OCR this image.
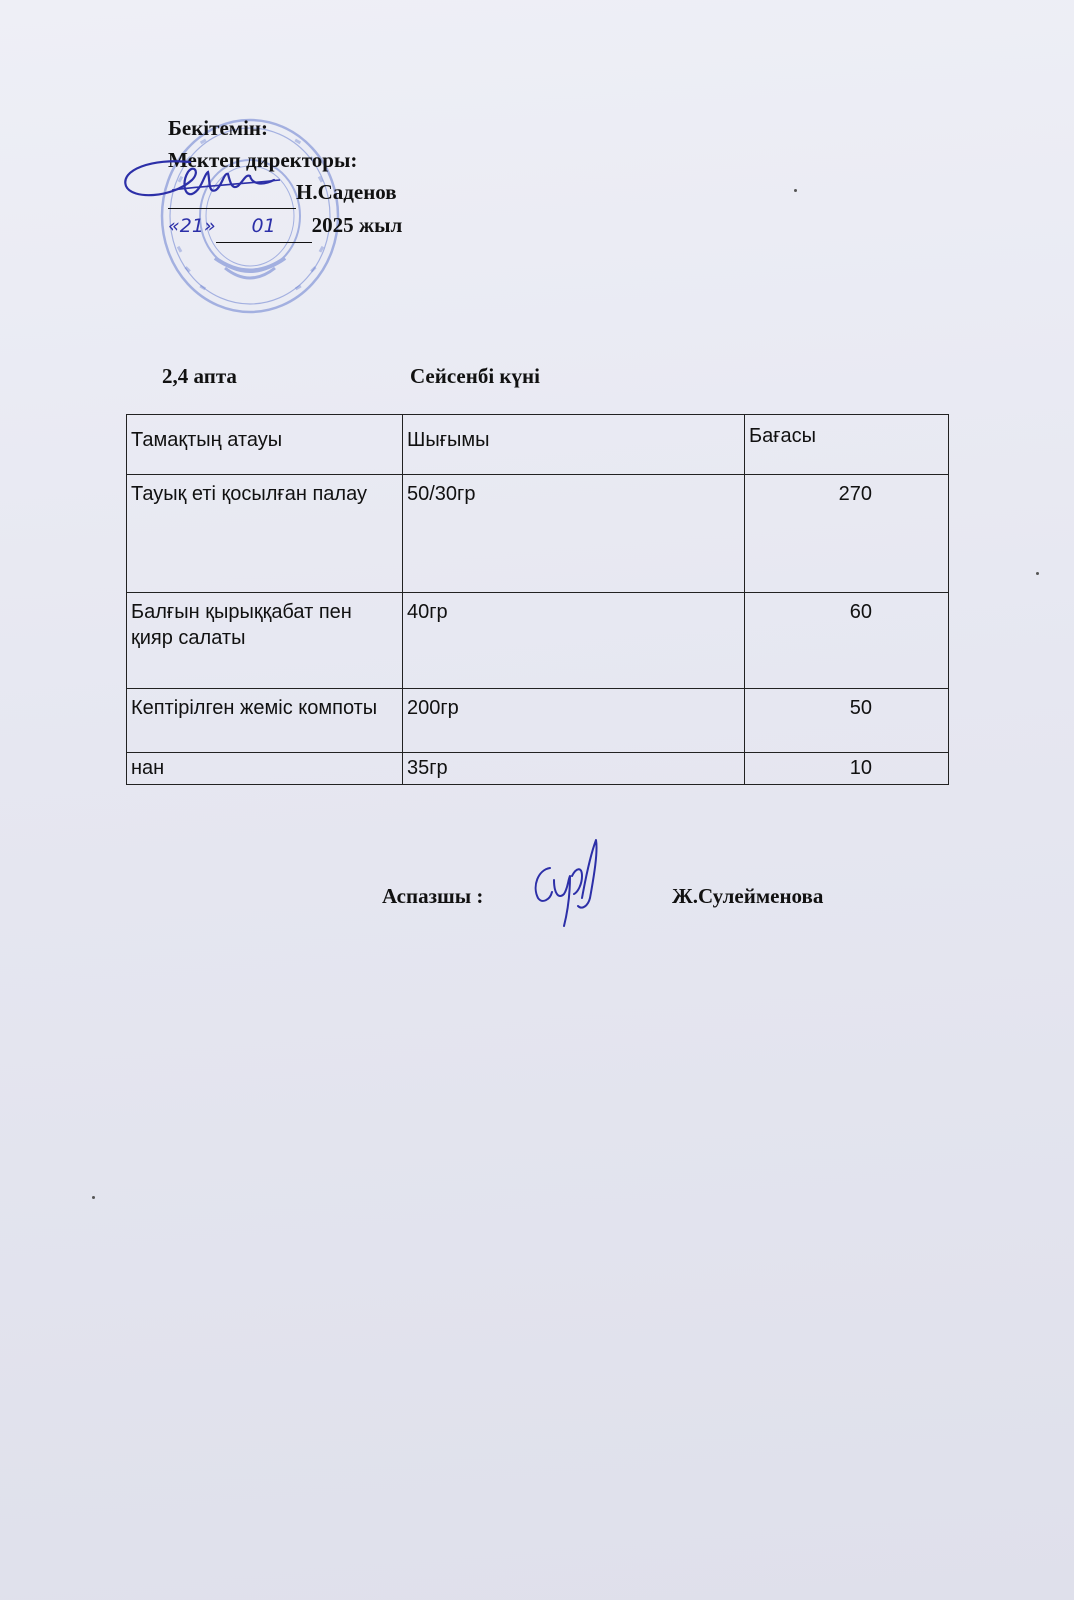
Бекітемін:
Мектеп директоры:
Н.Саденов
«21» 01 2025 жыл
2,4 апта	Сейсенбі күні
Тамақтың атауы	Шығымы	Бағасы
Тауық еті қосылған палау	50/30гр	270
Балғын қырыққабат пен қияр салаты	40гр	60
Кептірілген жеміс компоты	200гр	50
нан	35гр	10
Аспазшы :	Ж.Сулейменова
